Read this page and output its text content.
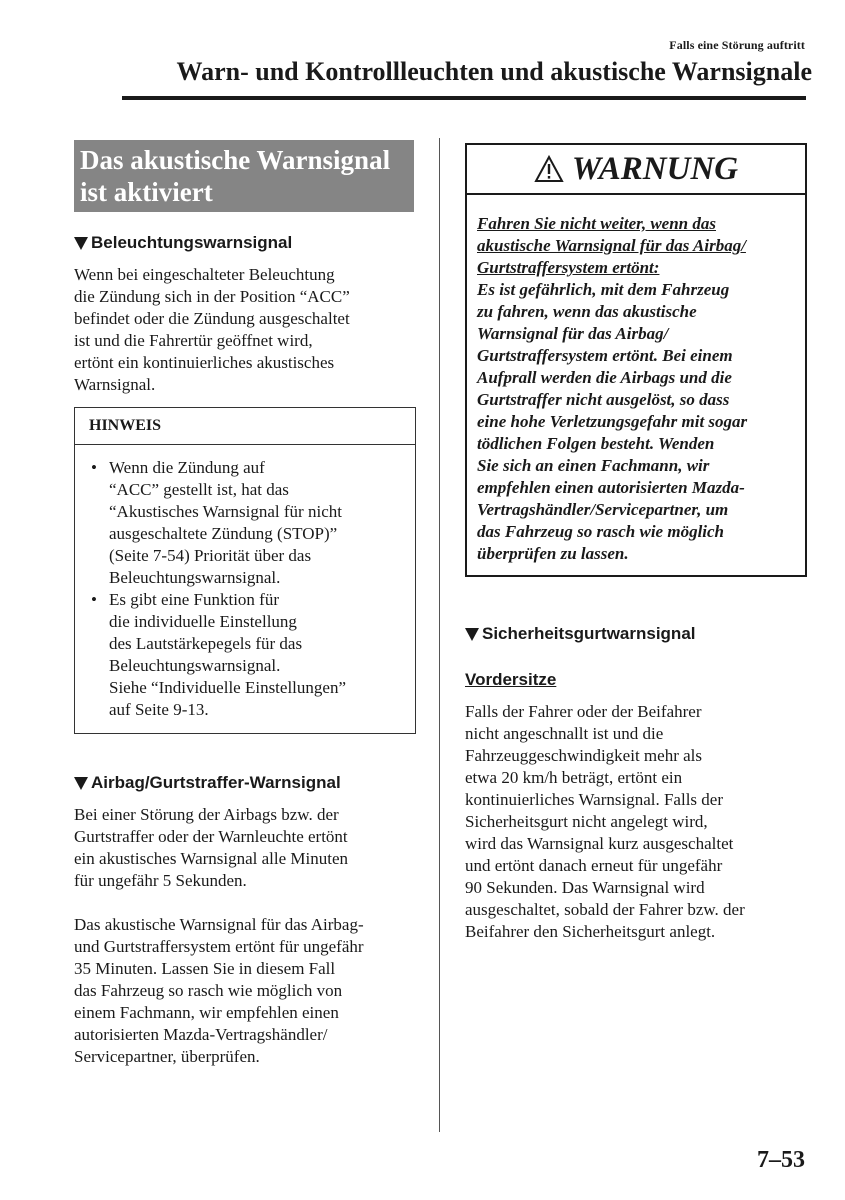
Falls eine Störung auftritt
Warn- und Kontrollleuchten und akustische Warnsignale
Das akustische Warnsignal ist aktiviert
Beleuchtungswarnsignal

Wenn bei eingeschalteter Beleuchtung
die Zündung sich in der Position “ACC”
befindet oder die Zündung ausgeschaltet
ist und die Fahrertür geöffnet wird,
ertönt ein kontinuierliches akustisches
Warnsignal.

HINWEIS
• Wenn die Zündung auf
“ACC” gestellt ist, hat das
“Akustisches Warnsignal für nicht
ausgeschaltete Zündung (STOP)”
(Seite 7-54) Priorität über das
Beleuchtungswarnsignal.
• Es gibt eine Funktion für
die individuelle Einstellung
des Lautstärkepegels für das
Beleuchtungswarnsignal.
Siehe “Individuelle Einstellungen”
auf Seite 9-13.
Airbag/Gurtstraffer-Warnsignal

Bei einer Störung der Airbags bzw. der
Gurtstraffer oder der Warnleuchte ertönt
ein akustisches Warnsignal alle Minuten
für ungefähr 5 Sekunden.

Das akustische Warnsignal für das Airbag-
und Gurtstraffersystem ertönt für ungefähr
35 Minuten. Lassen Sie in diesem Fall
das Fahrzeug so rasch wie möglich von
einem Fachmann, wir empfehlen einen
autorisierten Mazda-Vertragshändler/
Servicepartner, überprüfen.

WARNUNG
Fahren Sie nicht weiter, wenn das
akustische Warnsignal für das Airbag/
Gurtstraffersystem ertönt:
Es ist gefährlich, mit dem Fahrzeug
zu fahren, wenn das akustische
Warnsignal für das Airbag/
Gurtstraffersystem ertönt. Bei einem
Aufprall werden die Airbags und die
Gurtstraffer nicht ausgelöst, so dass
eine hohe Verletzungsgefahr mit sogar
tödlichen Folgen besteht. Wenden
Sie sich an einen Fachmann, wir
empfehlen einen autorisierten Mazda-
Vertragshändler/Servicepartner, um
das Fahrzeug so rasch wie möglich
überprüfen zu lassen.
Sicherheitsgurtwarnsignal
Vordersitze

Falls der Fahrer oder der Beifahrer
nicht angeschnallt ist und die
Fahrzeuggeschwindigkeit mehr als
etwa 20 km/h beträgt, ertönt ein
kontinuierliches Warnsignal. Falls der
Sicherheitsgurt nicht angelegt wird,
wird das Warnsignal kurz ausgeschaltet
und ertönt danach erneut für ungefähr
90 Sekunden. Das Warnsignal wird
ausgeschaltet, sobald der Fahrer bzw. der
Beifahrer den Sicherheitsgurt anlegt.

7–53
